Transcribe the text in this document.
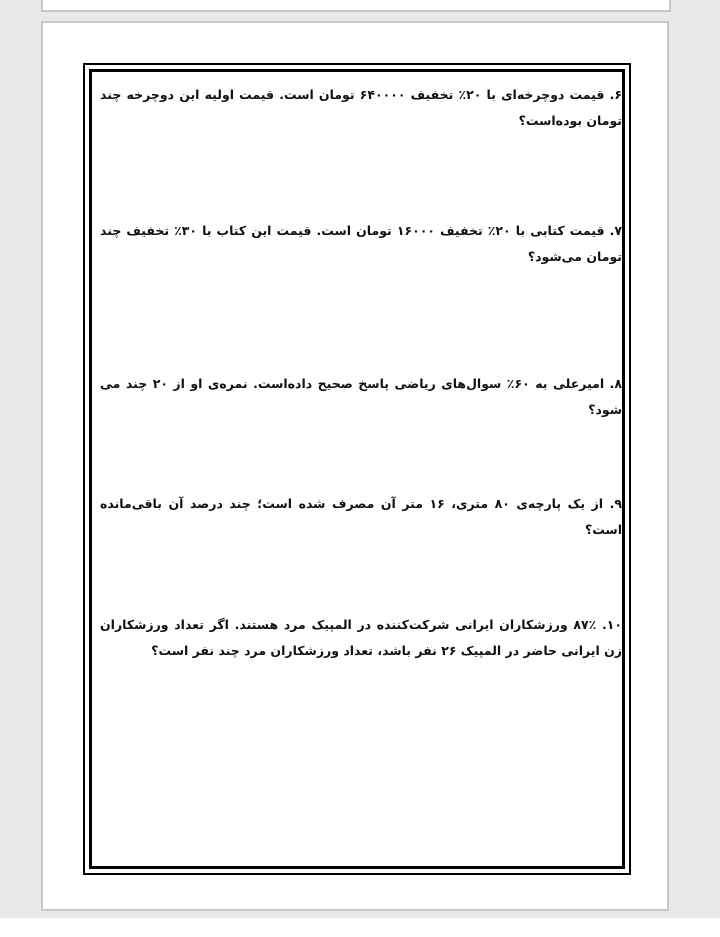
۶. قیمت دوچرخه‌ای با ۲۰٪ تخفیف ۶۴۰۰۰۰ تومان است. قیمت اولیه این دوچرخه چند تومان بوده‌است؟
۷. قیمت کتابی با ۲۰٪ تخفیف ۱۶۰۰۰ تومان است. قیمت این کتاب با ۳۰٪ تخفیف چند تومان می‌شود؟
۸. امیرعلی به ۶۰٪ سوال‌های ریاضی پاسخ صحیح داده‌است. نمره‌ی او از ۲۰ چند می شود؟
۹. از یک پارچه‌ی ۸۰ متری، ۱۶ متر آن مصرف شده است؛ چند درصد آن باقی‌مانده است؟
۱۰. ۸۷٪ ورزشکاران ایرانی شرکت‌کننده در المپیک مرد هستند. اگر تعداد ورزشکاران زن ایرانی حاضر در المپیک ۲۶ نفر باشد، تعداد ورزشکاران مرد چند نفر است؟
